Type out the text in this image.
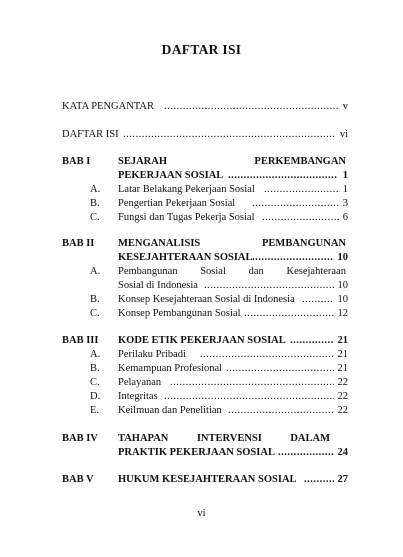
DAFTAR ISI
KATA PENGANTAR .....	v
DAFTAR ISI .....	vi
BAB I	SEJARAH	PERKEMBANGAN
PEKERJAAN SOSIAL .....	1
A. Latar Belakang Pekerjaan Sosial .....	1
B. Pengertian Pekerjaan Sosial .....	3
C. Fungsi dan Tugas Pekerja Sosial .....	6
BAB II MENGANALISIS	PEMBANGUNAN
KESEJAHTERAAN SOSIAL .....	10
A. Pembangunan Sosial dan Kesejahteraan
Sosial di Indonesia .....	10
B. Konsep Kesejahteraan Sosial di Indonesia .....	10
C. Konsep Pembangunan Sosial .....	12
BAB III KODE ETIK PEKERJAAN SOSIAL .....	21
A. Perilaku Pribadi .....	21
B. Kemampuan Profesional .....	21
C. Pelayanan .....	22
D. Integritas .....	22
E. Keilmuan dan Penelitian .....	22
BAB IV TAHAPAN	INTERVENSI	DALAM
PRAKTIK PEKERJAAN SOSIAL .....	24
BAB V HUKUM KESEJAHTERAAN SOSIAL .....	27
vi
